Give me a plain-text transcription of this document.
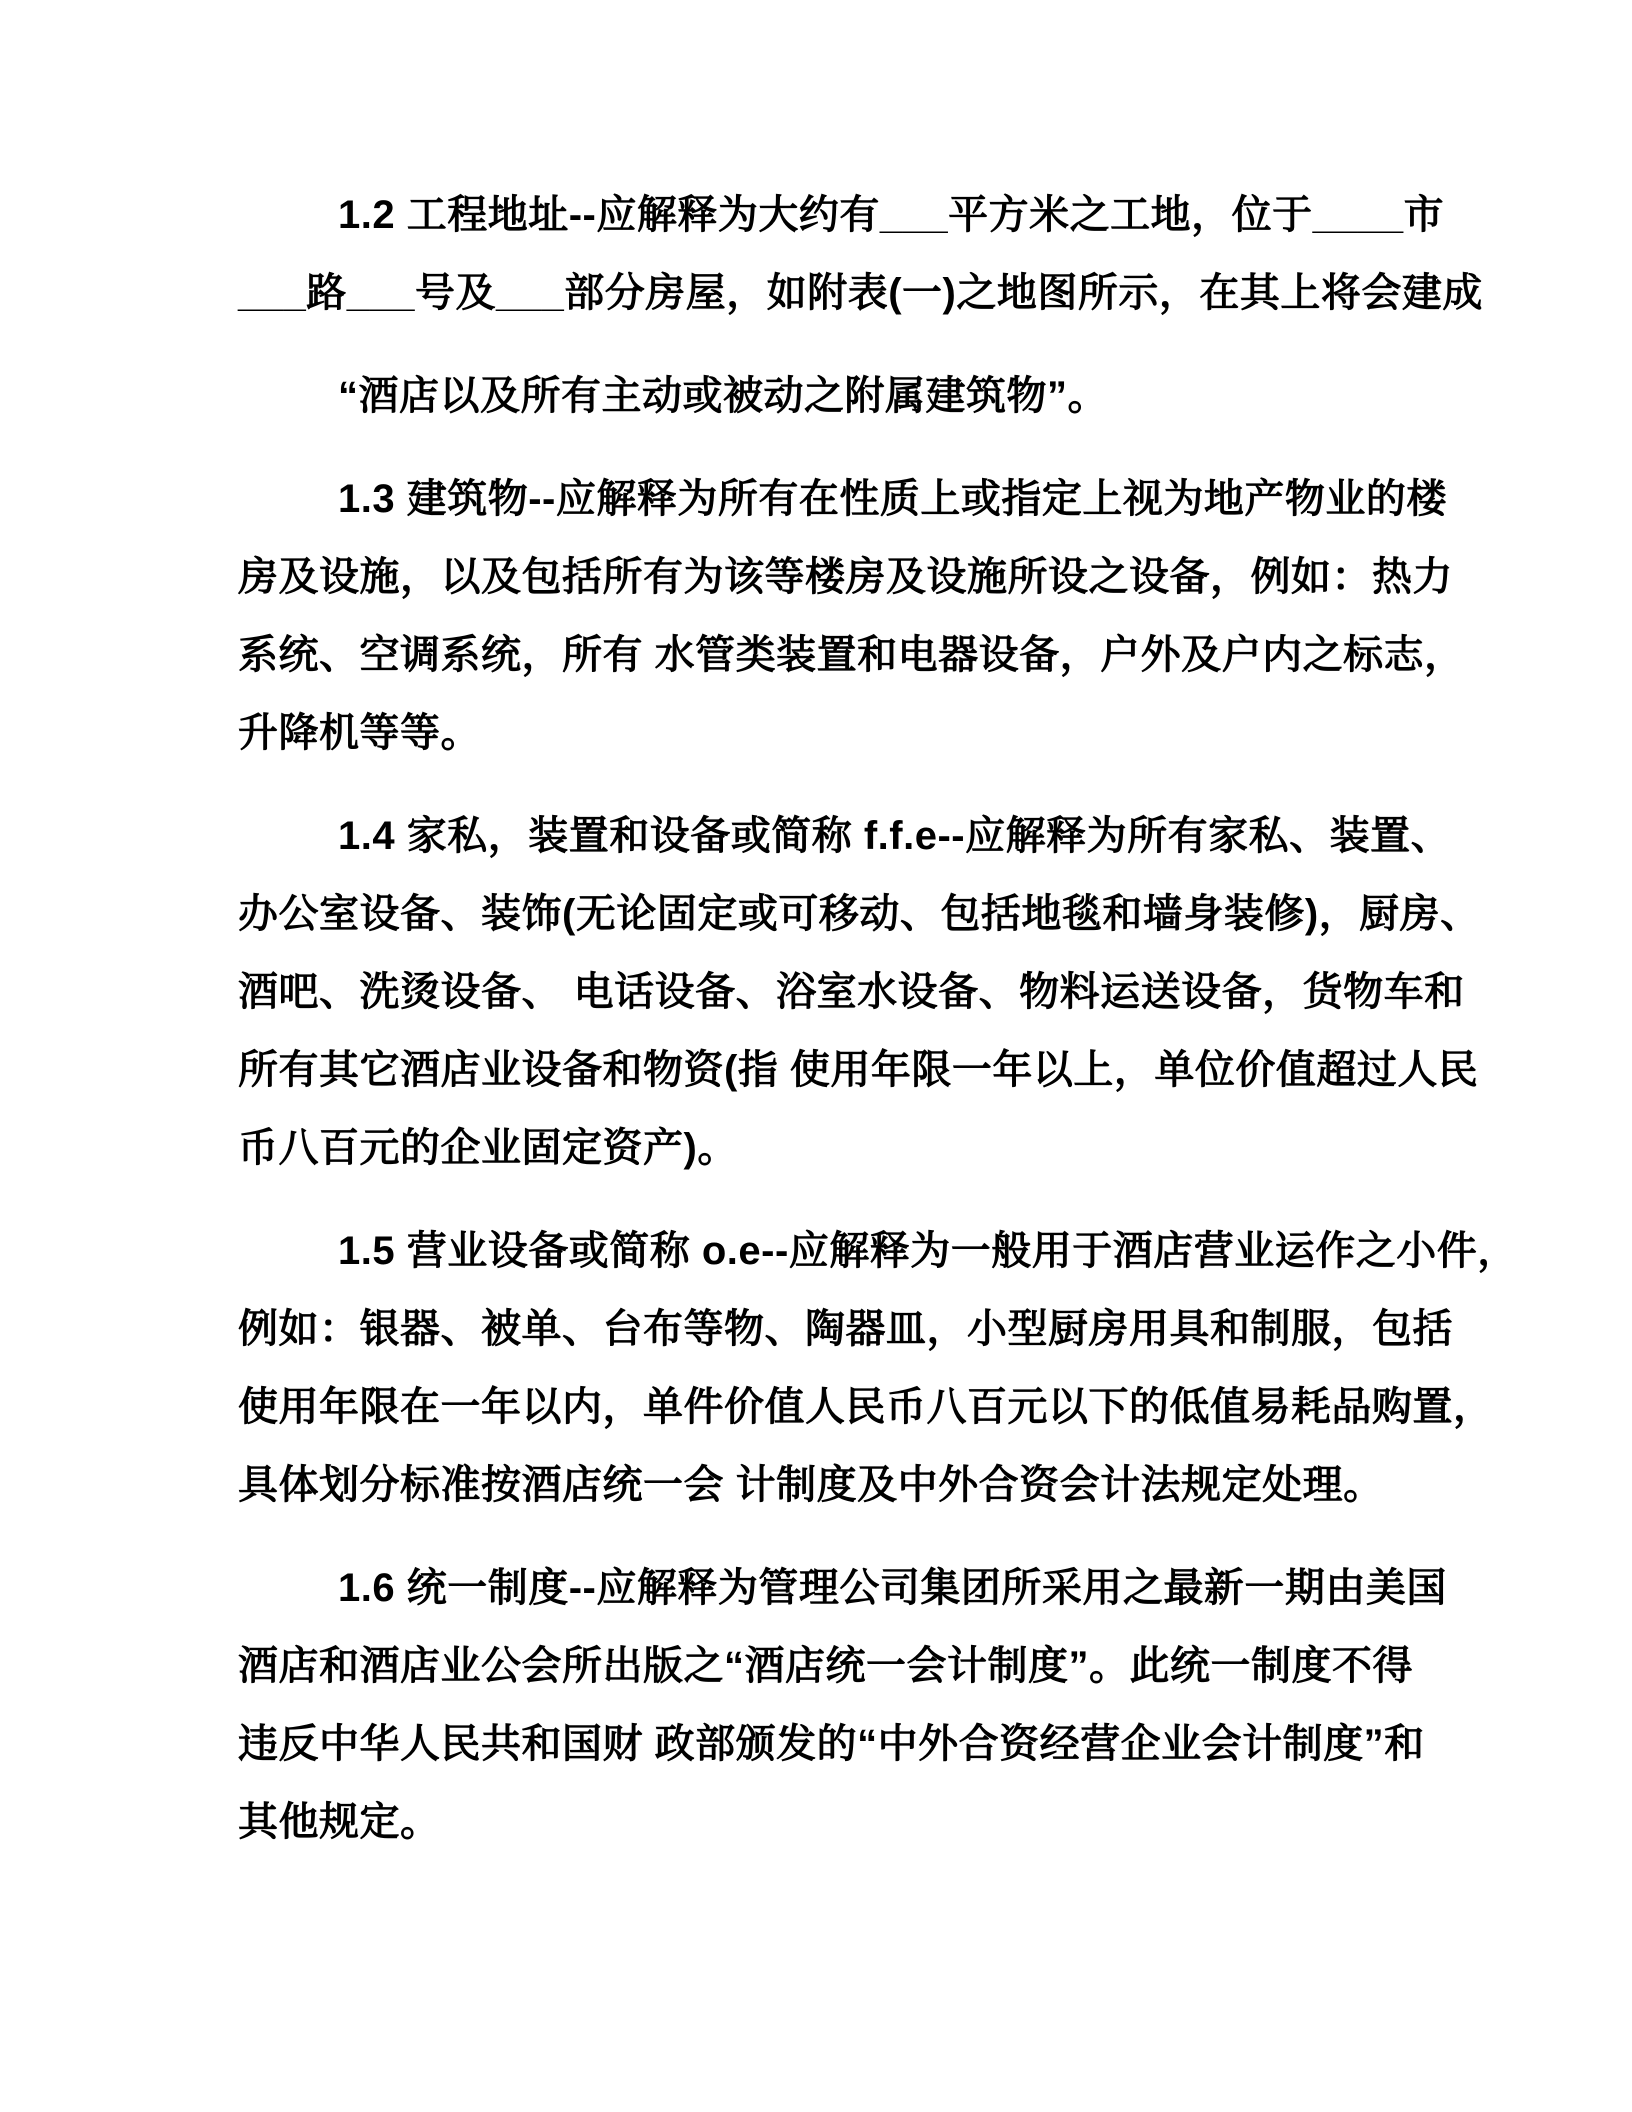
1.2 工程地址--应解释为大约有___平方米之工地，位于____市
___路___号及___部分房屋，如附表(一)之地图所示，在其上将会建成
“酒店以及所有主动或被动之附属建筑物”。
1.3 建筑物--应解释为所有在性质上或指定上视为地产物业的楼
房及设施，以及包括所有为该等楼房及设施所设之设备，例如：热力
系统、空调系统，所有 水管类装置和电器设备，户外及户内之标志，
升降机等等。
1.4 家私，装置和设备或简称 f.f.e--应解释为所有家私、装置、
办公室设备、装饰(无论固定或可移动、包括地毯和墙身装修)，厨房、
酒吧、洗烫设备、 电话设备、浴室水设备、物料运送设备，货物车和
所有其它酒店业设备和物资(指 使用年限一年以上，单位价值超过人民
币八百元的企业固定资产)。
1.5 营业设备或简称 o.e--应解释为一般用于酒店营业运作之小件，
例如：银器、被单、台布等物、陶器皿，小型厨房用具和制服，包括
使用年限在一年以内，单件价值人民币八百元以下的低值易耗品购置，
具体划分标准按酒店统一会 计制度及中外合资会计法规定处理。
1.6 统一制度--应解释为管理公司集团所采用之最新一期由美国
酒店和酒店业公会所出版之“酒店统一会计制度”。此统一制度不得
违反中华人民共和国财 政部颁发的“中外合资经营企业会计制度”和
其他规定。
